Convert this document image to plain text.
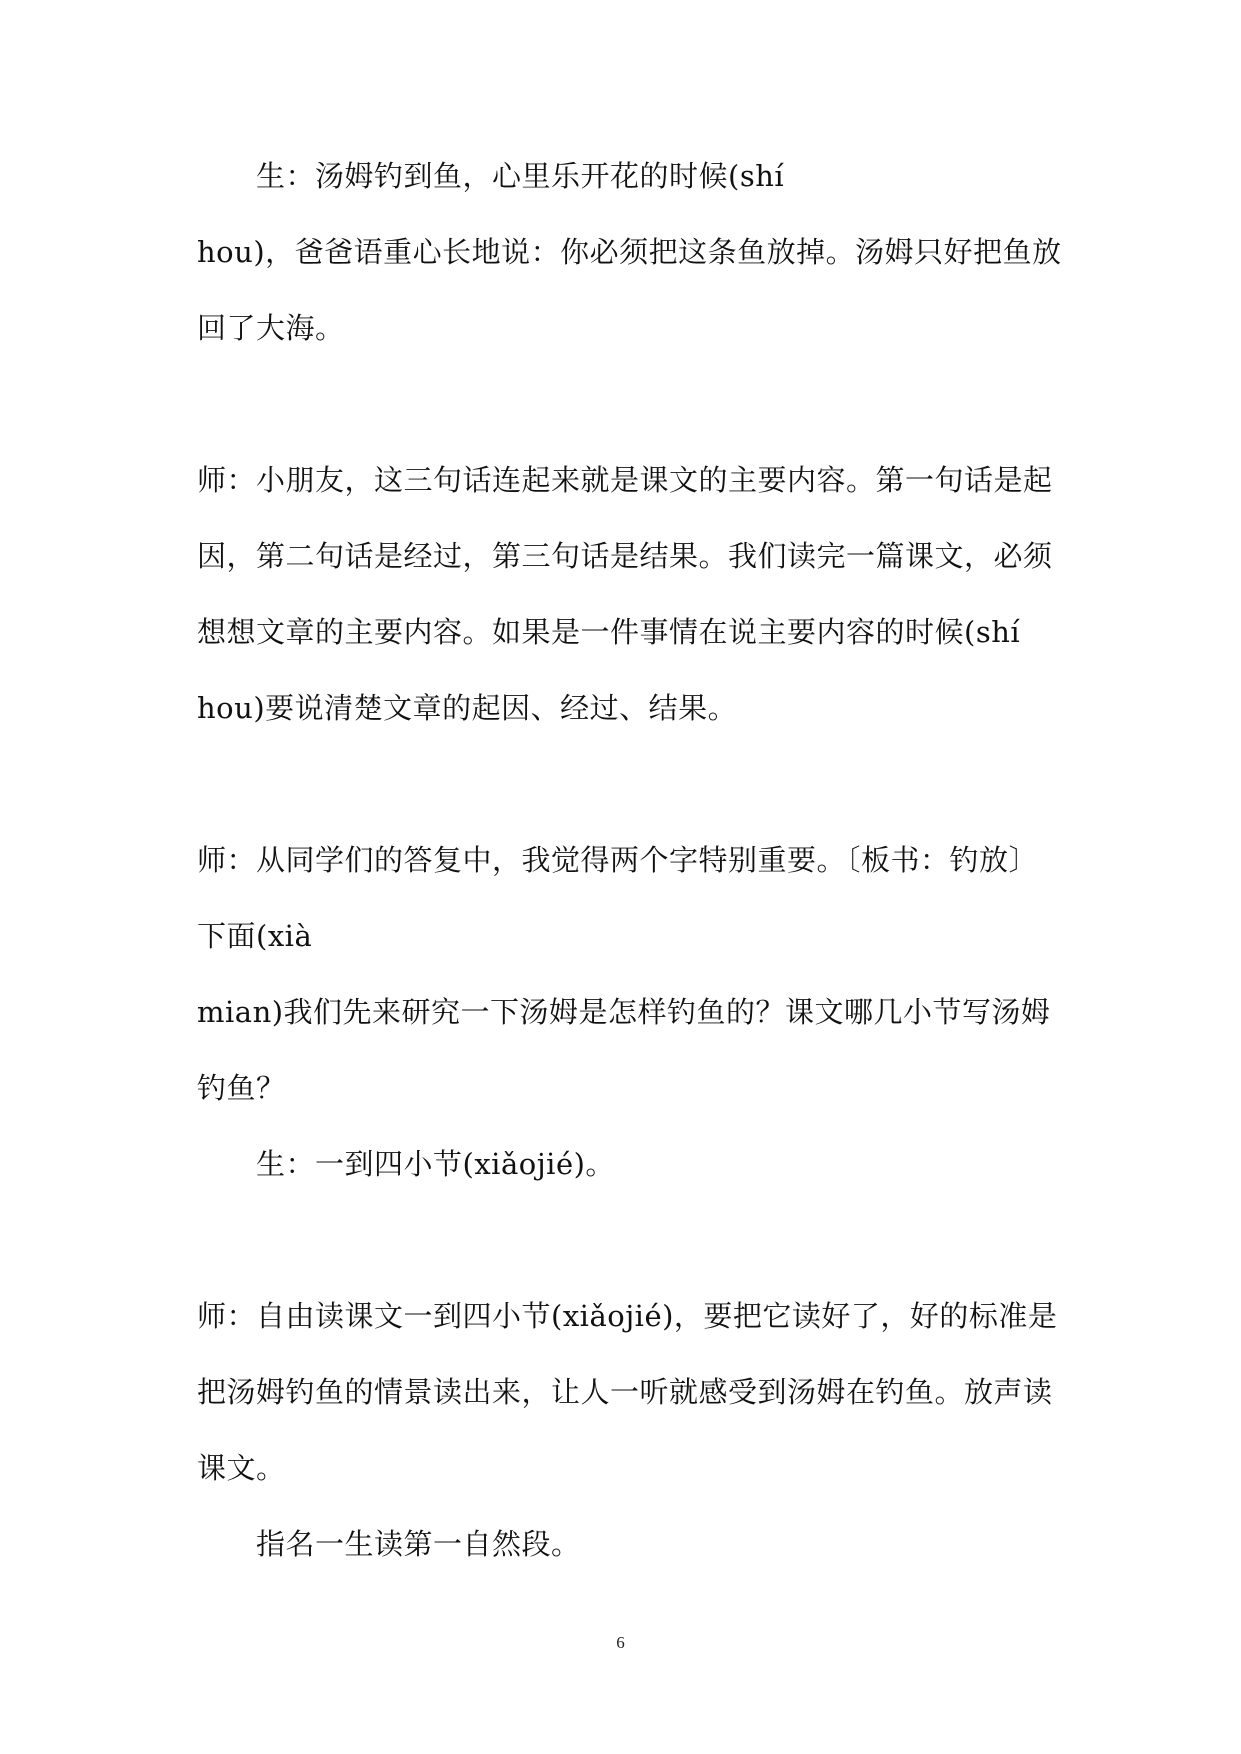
生：汤姆钓到鱼，心里乐开花的时候(shí
hou)，爸爸语重心长地说：你必须把这条鱼放掉。汤姆只好把鱼放
回了大海。
师：小朋友，这三句话连起来就是课文的主要内容。第一句话是起
因，第二句话是经过，第三句话是结果。我们读完一篇课文，必须
想想文章的主要内容。如果是一件事情在说主要内容的时候(shí
hou)要说清楚文章的起因、经过、结果。
师：从同学们的答复中，我觉得两个字特别重要。〔板书：钓放〕
下面(xià
mian)我们先来研究一下汤姆是怎样钓鱼的？课文哪几小节写汤姆
钓鱼？
生：一到四小节(xiǎojié)。
师：自由读课文一到四小节(xiǎojié)，要把它读好了，好的标准是
把汤姆钓鱼的情景读出来，让人一听就感受到汤姆在钓鱼。放声读
课文。
指名一生读第一自然段。
6
